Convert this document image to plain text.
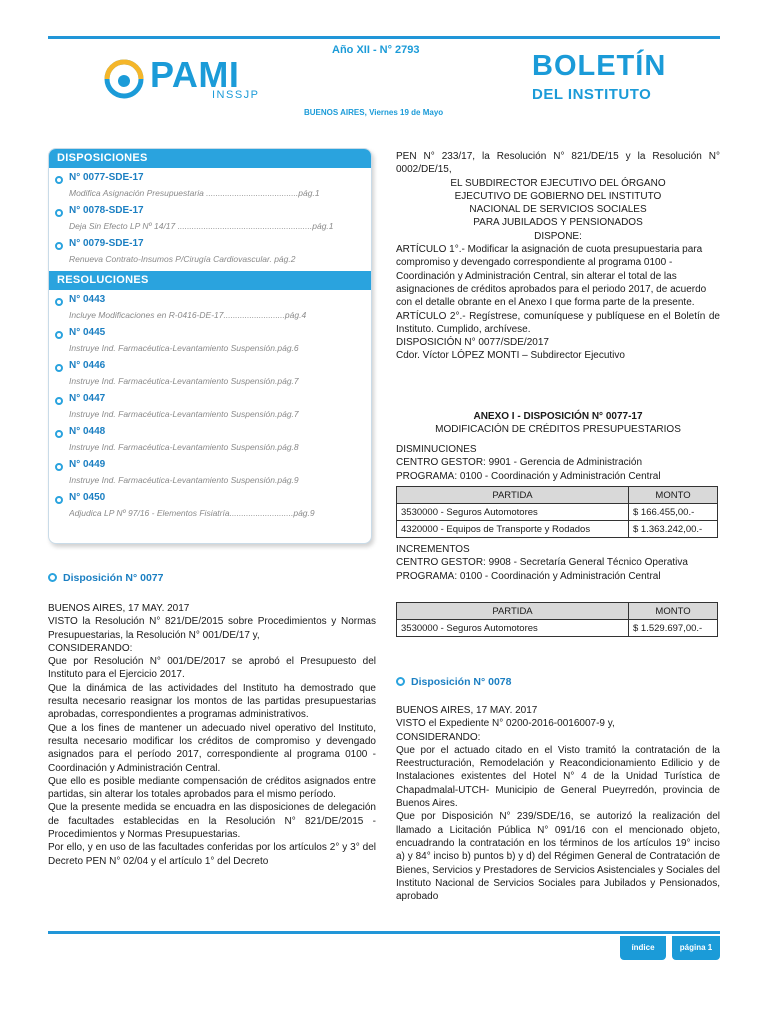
PAMI
INSSJP
Año XII - N° 2793
BUENOS AIRES, Viernes 19 de Mayo
BOLETÍN
DEL INSTITUTO
DISPOSICIONES
N° 0077-SDE-17
Modifica Asignación Presupuestaria .......................................pág.1
N° 0078-SDE-17
Deja Sin Efecto LP Nº 14/17 .........................................................pág.1
N° 0079-SDE-17
Renueva Contrato-Insumos P/Cirugía Cardiovascular. pág.2
RESOLUCIONES
N° 0443
Incluye Modificaciones en R-0416-DE-17..........................pág.4
N° 0445
Instruye Ind. Farmacéutica-Levantamiento Suspensión.pág.6
N° 0446
Instruye Ind. Farmacéutica-Levantamiento Suspensión.pág.7
N° 0447
Instruye Ind. Farmacéutica-Levantamiento Suspensión.pág.7
N° 0448
Instruye Ind. Farmacéutica-Levantamiento Suspensión.pág.8
N° 0449
Instruye Ind. Farmacéutica-Levantamiento Suspensión.pág.9
N° 0450
Adjudica LP Nº 97/16 - Elementos Fisiatría...........................pág.9
Disposición N° 0077

BUENOS AIRES, 17 MAY. 2017

VISTO la Resolución N° 821/DE/2015 sobre Procedimientos y Normas Presupuestarias, la Resolución N° 001/DE/17 y,

CONSIDERANDO:

Que por Resolución N° 001/DE/2017 se aprobó el Presupuesto del Instituto para el Ejercicio 2017.

Que la dinámica de las actividades del Instituto ha demostrado que resulta necesario reasignar los montos de las partidas presupuestarias aprobadas, correspondientes a programas administrativos.

Que a los fines de mantener un adecuado nivel operativo del Instituto, resulta necesario modificar los créditos de compromiso y devengado asignados para el período 2017, correspondiente al programa 0100 - Coordinación y Administración Central.

Que ello es posible mediante compensación de créditos asignados entre partidas, sin alterar los totales aprobados para el mismo período.

Que la presente medida se encuadra en las disposiciones de delegación de facultades establecidas en la Resolución N° 821/DE/2015 - Procedimientos y Normas Presupuestarias.

Por ello, y en uso de las facultades conferidas por los artículos 2° y 3° del Decreto PEN N° 02/04 y el artículo 1° del Decreto

PEN N° 233/17, la Resolución N° 821/DE/15 y la Resolución N° 0002/DE/15,

EL SUBDIRECTOR EJECUTIVO DEL ÓRGANO

EJECUTIVO DE GOBIERNO DEL INSTITUTO

NACIONAL DE SERVICIOS SOCIALES

PARA JUBILADOS Y PENSIONADOS

DISPONE:

ARTÍCULO 1°.- Modificar la asignación de cuota presupuestaria para compromiso y devengado correspondiente al programa 0100 - Coordinación y Administración Central, sin alterar el total de las asignaciones de créditos aprobados para el periodo 2017, de acuerdo con el detalle obrante en el Anexo I que forma parte de la presente.

ARTÍCULO 2°.- Regístrese, comuníquese y publíquese en el Boletín de Instituto. Cumplido, archívese.

DISPOSICIÓN N° 0077/SDE/2017

Cdor. Víctor LÓPEZ MONTI – Subdirector Ejecutivo

ANEXO I - DISPOSICIÓN N° 0077-17

MODIFICACIÓN DE CRÉDITOS PRESUPUESTARIOS

DISMINUCIONES

CENTRO GESTOR: 9901 - Gerencia de Administración

PROGRAMA: 0100 - Coordinación y Administración Central

PARTIDA	MONTO
3530000 - Seguros Automotores	$ 166.455,00.-
4320000 - Equipos de Transporte y Rodados	$ 1.363.242,00.-

INCREMENTOS

CENTRO GESTOR: 9908 - Secretaría General Técnico Operativa

PROGRAMA: 0100 - Coordinación y Administración Central

PARTIDA	MONTO
3530000 - Seguros Automotores	$ 1.529.697,00.-
Disposición N° 0078

BUENOS AIRES, 17 MAY. 2017

VISTO el Expediente N° 0200-2016-0016007-9 y,

CONSIDERANDO:

Que por el actuado citado en el Visto tramitó la contratación de la Reestructuración, Remodelación y Reacondicionamiento Edilicio y de Instalaciones existentes del Hotel N° 4 de la Unidad Turística de Chapadmalal-UTCH- Municipio de General Pueyrredón, provincia de Buenos Aires.

Que por Disposición N° 239/SDE/16, se autorizó la realización del llamado a Licitación Pública N° 091/16 con el mencionado objeto, encuadrando la contratación en los términos de los artículos 19° inciso a) y 84° inciso b) puntos b) y d) del Régimen General de Contratación de Bienes, Servicios y Prestadores de Servicios Asistenciales y Sociales del Instituto Nacional de Servicios Sociales para Jubilados y Pensionados, aprobado

índice	página 1
